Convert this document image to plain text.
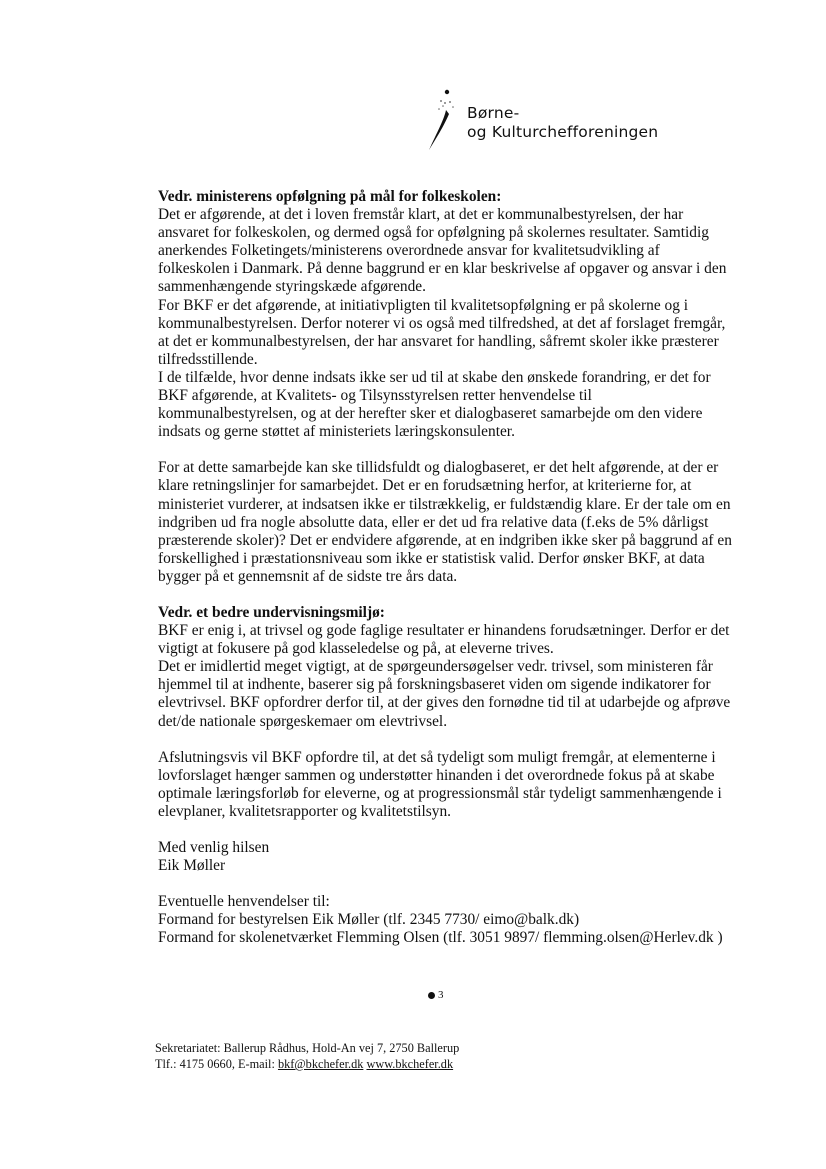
Børne-
og Kulturchefforeningen

Vedr. ministerens opfølgning på mål for folkeskolen:

Det er afgørende, at det i loven fremstår klart, at det er kommunalbestyrelsen, der har ansvaret for folkeskolen, og dermed også for opfølgning på skolernes resultater. Samtidig anerkendes Folketingets/ministerens overordnede ansvar for kvalitetsudvikling af folkeskolen i Danmark. På denne baggrund er en klar beskrivelse af opgaver og ansvar i den sammenhængende styringskæde afgørende.

For BKF er det afgørende, at initiativpligten til kvalitetsopfølgning er på skolerne og i kommunalbestyrelsen. Derfor noterer vi os også med tilfredshed, at det af forslaget fremgår, at det er kommunalbestyrelsen, der har ansvaret for handling, såfremt skoler ikke præsterer tilfredsstillende.

I de tilfælde, hvor denne indsats ikke ser ud til at skabe den ønskede forandring, er det for BKF afgørende, at Kvalitets- og Tilsynsstyrelsen retter henvendelse til kommunalbestyrelsen, og at der herefter sker et dialogbaseret samarbejde om den videre indsats og gerne støttet af ministeriets læringskonsulenter.

For at dette samarbejde kan ske tillidsfuldt og dialogbaseret, er det helt afgørende, at der er klare retningslinjer for samarbejdet. Det er en forudsætning herfor, at kriterierne for, at ministeriet vurderer, at indsatsen ikke er tilstrækkelig, er fuldstændig klare. Er der tale om en indgriben ud fra nogle absolutte data, eller er det ud fra relative data (f.eks de 5% dårligst præsterende skoler)? Det er endvidere afgørende, at en indgriben ikke sker på baggrund af en forskellighed i præstationsniveau som ikke er statistisk valid. Derfor ønsker BKF, at data bygger på et gennemsnit af de sidste tre års data.

Vedr. et bedre undervisningsmiljø:

BKF er enig i, at trivsel og gode faglige resultater er hinandens forudsætninger. Derfor er det vigtigt at fokusere på god klasseledelse og på, at eleverne trives.

Det er imidlertid meget vigtigt, at de spørgeundersøgelser vedr. trivsel, som ministeren får hjemmel til at indhente, baserer sig på forskningsbaseret viden om sigende indikatorer for elevtrivsel. BKF opfordrer derfor til, at der gives den fornødne tid til at udarbejde og afprøve det/de nationale spørgeskemaer om elevtrivsel.

Afslutningsvis vil BKF opfordre til, at det så tydeligt som muligt fremgår, at elementerne i lovforslaget hænger sammen og understøtter hinanden i det overordnede fokus på at skabe optimale læringsforløb for eleverne, og at progressionsmål står tydeligt sammenhængende i elevplaner, kvalitetsrapporter og kvalitetstilsyn.

Med venlig hilsen

Eik Møller

Eventuelle henvendelser til:

Formand for bestyrelsen Eik Møller (tlf. 2345 7730/ eimo@balk.dk)

Formand for skolenetværket Flemming Olsen (tlf. 3051 9897/ flemming.olsen@Herlev.dk )

3

Sekretariatet: Ballerup Rådhus, Hold-An vej 7, 2750 Ballerup

Tlf.: 4175 0660, E-mail: bkf@bkchefer.dk www.bkchefer.dk
